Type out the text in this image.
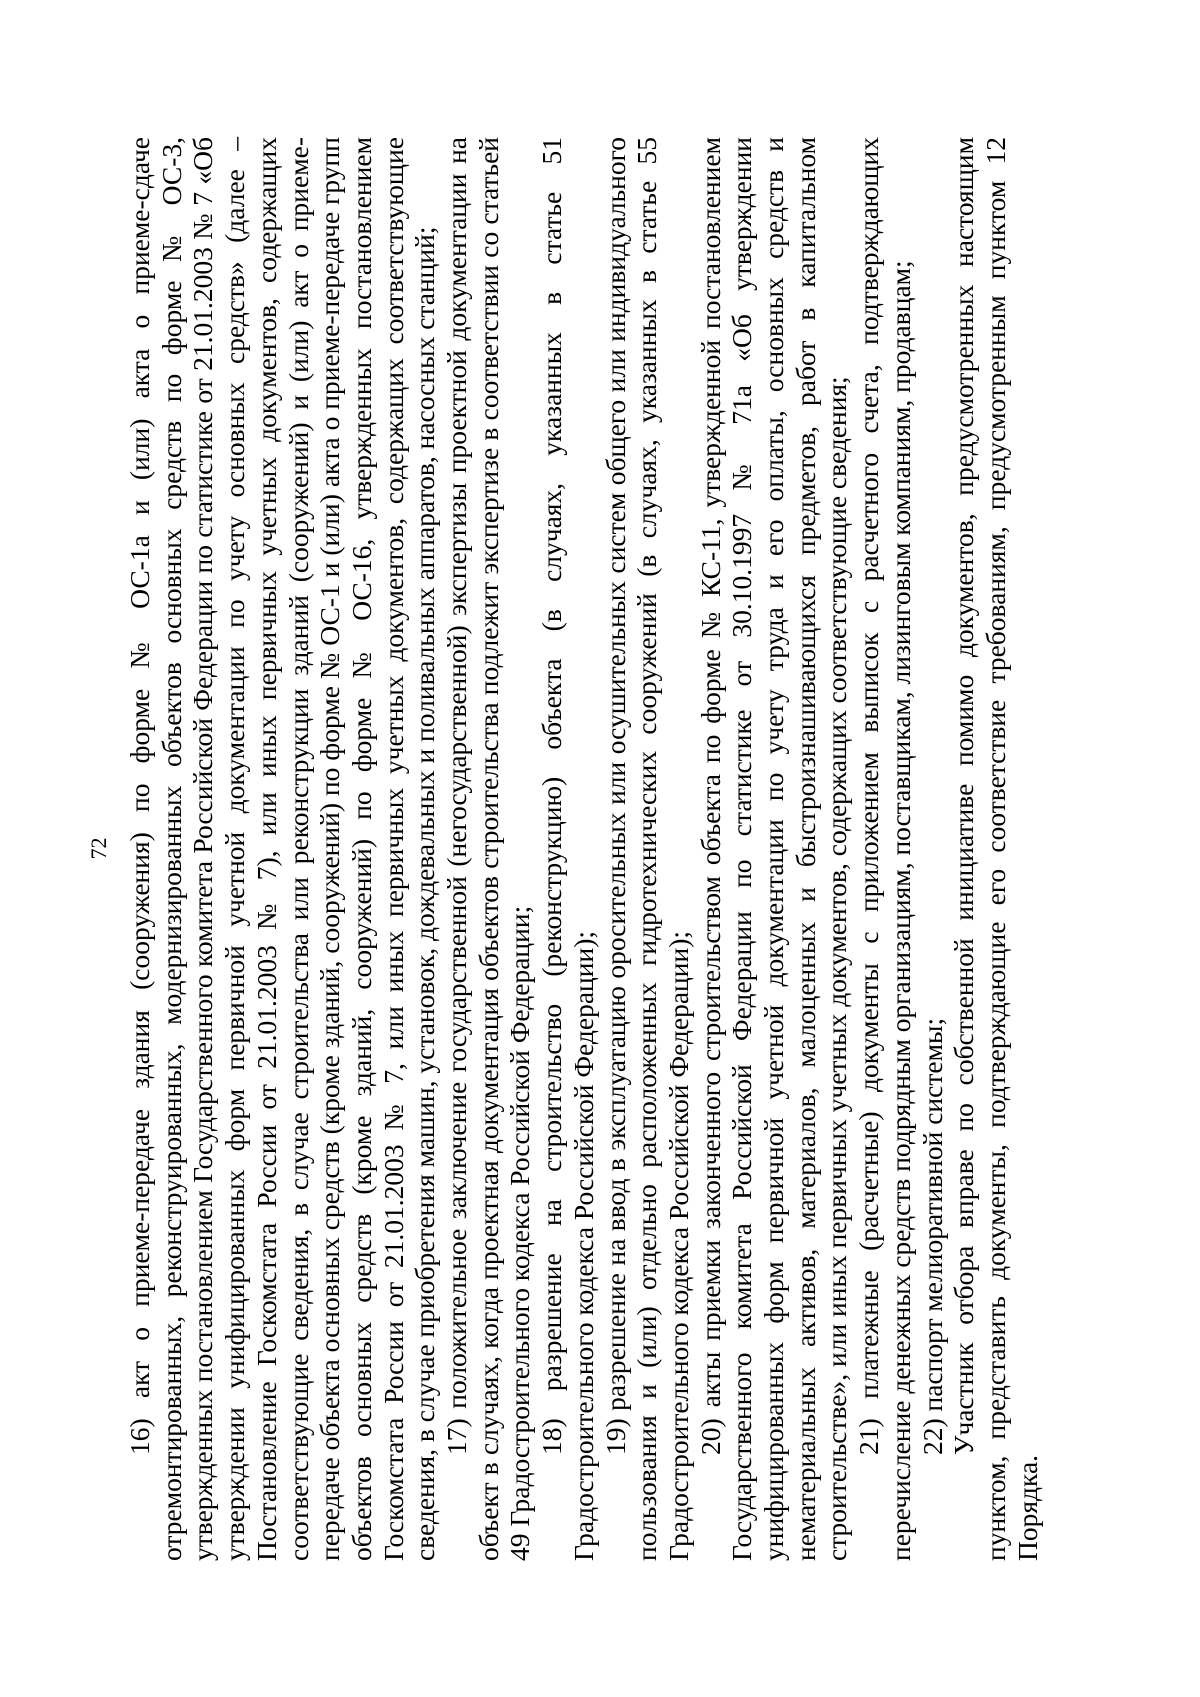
72 16) акт о приеме-передаче здания (сооружения) по форме № ОС-1а и (или) акта о приеме-сдаче отремонтированных, реконструированных, модернизированных объектов основных средств по форме № ОС-3, утвержденных постановлением Государственного комитета Российской Федерации по статистике от 21.01.2003 № 7 «Об утверждении унифицированных форм первичной учетной документации по учету основных средств» (далее – Постановление Госкомстата России от 21.01.2003 № 7), или иных первичных учетных документов, содержащих соответствующие сведения, в случае строительства или реконструкции зданий (сооружений) и (или) акт о приеме-передаче объекта основных средств (кроме зданий, сооружений) по форме № ОС-1 и (или) акта о приеме-передаче групп объектов основных средств (кроме зданий, сооружений) по форме № ОС-16, утвержденных постановлением Госкомстата России от 21.01.2003 № 7, или иных первичных учетных документов, содержащих соответствующие сведения, в случае приобретения машин, установок, дождевальных и поливальных аппаратов, насосных станций; 17) положительное заключение государственной (негосударственной) экспертизы проектной документации на объект в случаях, когда проектная документация объектов строительства подлежит экспертизе в соответствии со статьей 49 Градостроительного кодекса Российской Федерации; 18) разрешение на строительство (реконструкцию) объекта (в случаях, указанных в статье 51 Градостроительного кодекса Российской Федерации); 19) разрешение на ввод в эксплуатацию оросительных или осушительных систем общего или индивидуального пользования и (или) отдельно расположенных гидротехнических сооружений (в случаях, указанных в статье 55 Градостроительного кодекса Российской Федерации); 20) акты приемки законченного строительством объекта по форме № КС-11, утвержденной постановлением Государственного комитета Российской Федерации по статистике от 30.10.1997 № 71а «Об утверждении унифицированных форм первичной учетной документации по учету труда и его оплаты, основных средств и нематериальных активов, материалов, малоценных и быстроизнашивающихся предметов, работ в капитальном строительстве», или иных первичных учетных документов, содержащих соответствующие сведения; 21) платежные (расчетные) документы с приложением выписок с расчетного счета, подтверждающих перечисление денежных средств подрядным организациям, поставщикам, лизинговым компаниям, продавцам; 22) паспорт мелиоративной системы; Участник отбора вправе по собственной инициативе помимо документов, предусмотренных настоящим пунктом, представить документы, подтверждающие его соответствие требованиям, предусмотренным пунктом 12 Порядка.
